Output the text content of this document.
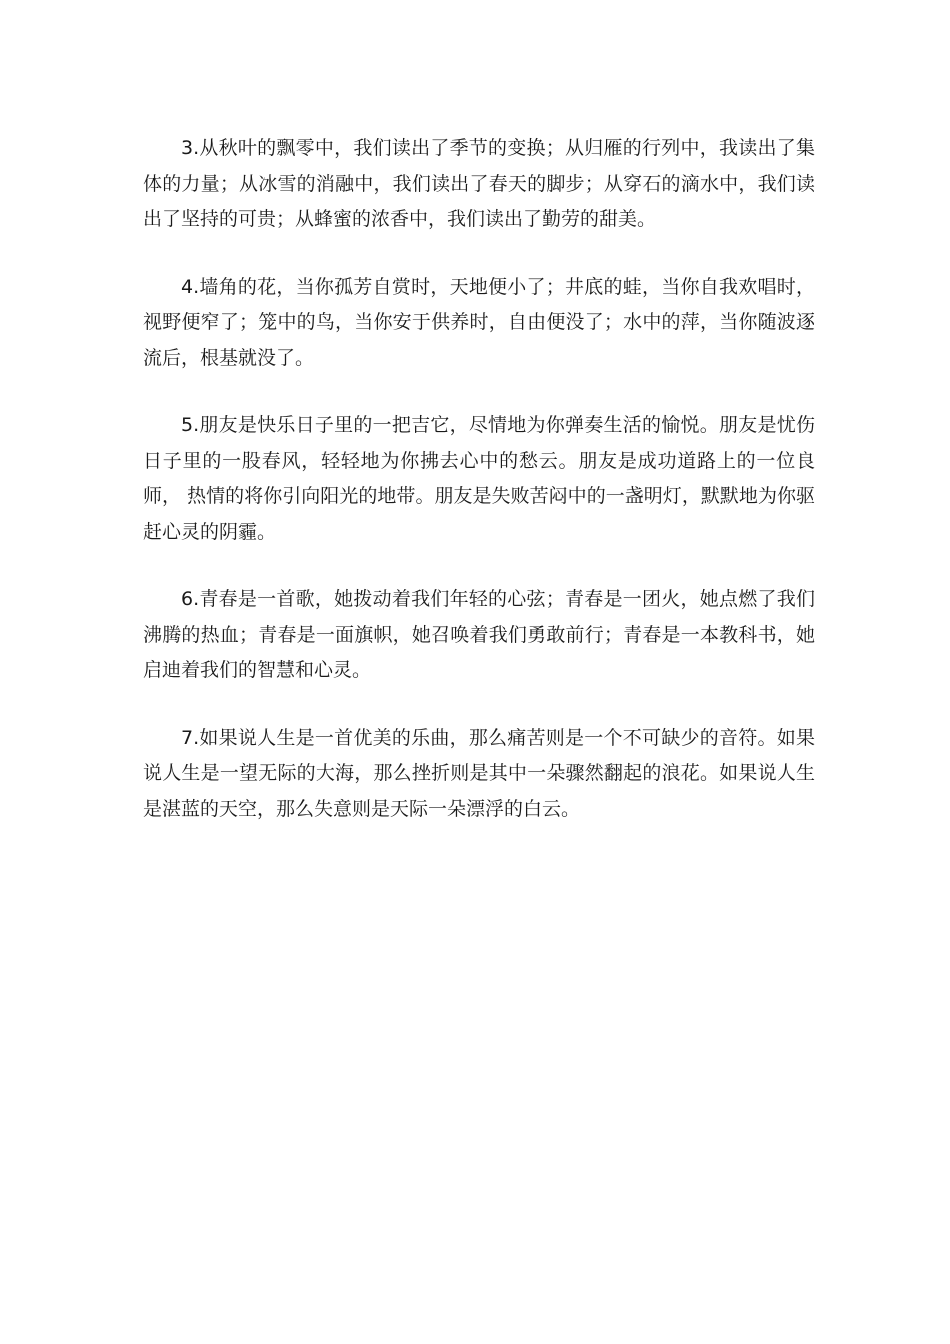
3.从秋叶的飘零中，我们读出了季节的变换；从归雁的行列中，我读出了集体的力量；从冰雪的消融中，我们读出了春天的脚步；从穿石的滴水中，我们读出了坚持的可贵；从蜂蜜的浓香中，我们读出了勤劳的甜美。

4.墙角的花，当你孤芳自赏时，天地便小了；井底的蛙，当你自我欢唱时，视野便窄了；笼中的鸟，当你安于供养时，自由便没了；水中的萍，当你随波逐流后，根基就没了。

5.朋友是快乐日子里的一把吉它，尽情地为你弹奏生活的愉悦。朋友是忧伤日子里的一股春风，轻轻地为你拂去心中的愁云。朋友是成功道路上的一位良师， 热情的将你引向阳光的地带。朋友是失败苦闷中的一盏明灯，默默地为你驱赶心灵的阴霾。

6.青春是一首歌，她拨动着我们年轻的心弦；青春是一团火，她点燃了我们沸腾的热血；青春是一面旗帜，她召唤着我们勇敢前行；青春是一本教科书，她启迪着我们的智慧和心灵。

7.如果说人生是一首优美的乐曲，那么痛苦则是一个不可缺少的音符。如果说人生是一望无际的大海，那么挫折则是其中一朵骤然翻起的浪花。如果说人生是湛蓝的天空，那么失意则是天际一朵漂浮的白云。
